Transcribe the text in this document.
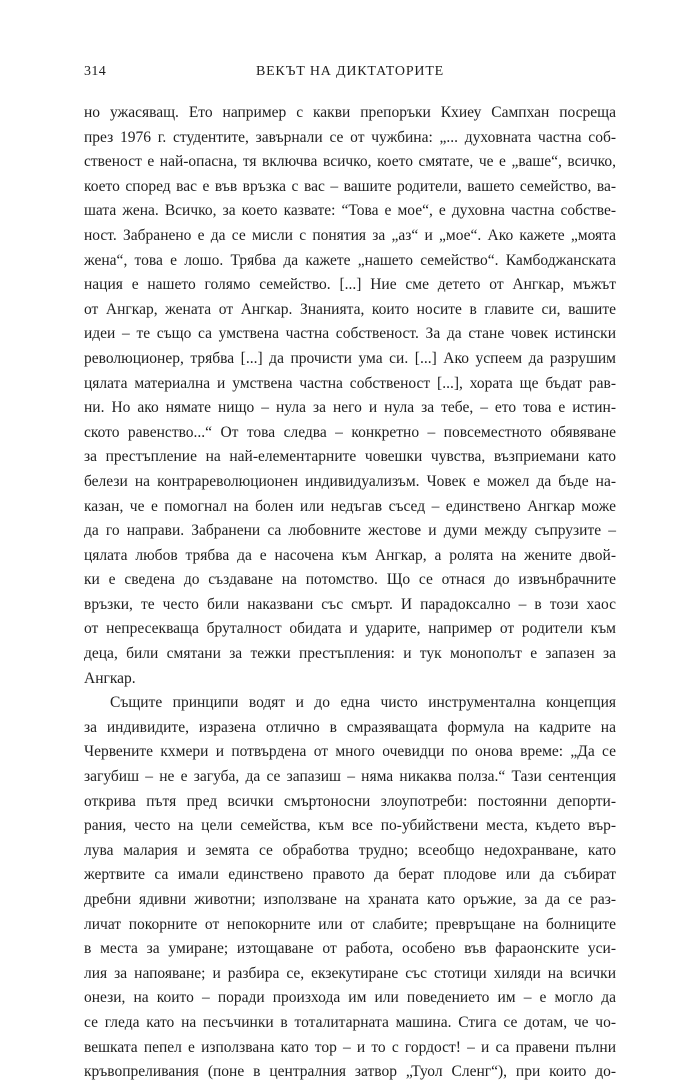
314	ВЕКЪТ НА ДИКТАТОРИТЕ
но ужасяващ. Ето например с какви препоръки Кхиеу Сампхан посреща
през 1976 г. студентите, завърнали се от чужбина: „... духовната частна соб-
ственост е най-опасна, тя включва всичко, което смятате, че е „ваше“, всичко,
което според вас е във връзка с вас – вашите родители, вашето семейство, ва-
шата жена. Всичко, за което казвате: “Това е мое“, е духовна частна собстве-
ност. Забранено е да се мисли с понятия за „аз“ и „мое“. Ако кажете „моята
жена“, това е лошо. Трябва да кажете „нашето семейство“. Камбоджанската
нация е нашето голямо семейство. [...] Ние сме детето от Ангкар, мъжът
от Ангкар, жената от Ангкар. Знанията, които носите в главите си, вашите
идеи – те също са умствена частна собственост. За да стане човек истински
революционер, трябва [...] да прочисти ума си. [...] Ако успеем да разрушим
цялата материална и умствена частна собственост [...], хората ще бъдат рав-
ни. Но ако нямате нищо – нула за него и нула за тебе, – ето това е истин-
ското равенство...“ От това следва – конкретно – повсеместното обявяване
за престъпление на най-елементарните човешки чувства, възприемани като
белези на контрареволюционен индивидуализъм. Човек е можел да бъде на-
казан, че е помогнал на болен или недъгав съсед – единствено Ангкар може
да го направи. Забранени са любовните жестове и думи между съпрузите –
цялата любов трябва да е насочена към Ангкар, а ролята на жените двой-
ки е сведена до създаване на потомство. Що се отнася до извънбрачните
връзки, те често били наказвани със смърт. И парадоксално – в този хаос
от непресекваща бруталност обидата и ударите, например от родители към
деца, били смятани за тежки престъпления: и тук монополът е запазен за
Ангкар.
Същите принципи водят и до една чисто инструментална концепция
за индивидите, изразена отлично в смразяващата формула на кадрите на
Червените кхмери и потвърдена от много очевидци по онова време: „Да се
загубиш – не е загуба, да се запазиш – няма никаква полза.“ Тази сентенция
открива пътя пред всички смъртоносни злоупотреби: постоянни депорти-
рания, често на цели семейства, към все по-убийствени места, където вър-
лува малария и земята се обработва трудно; всеобщо недохранване, като
жертвите са имали единствено правото да берат плодове или да събират
дребни ядивни животни; използване на храната като оръжие, за да се раз-
личат покорните от непокорните или от слабите; превръщане на болниците
в места за умиране; изтощаване от работа, особено във фараонските уси-
лия за напояване; и разбира се, екзекутиране със стотици хиляди на всички
онези, на които – поради произхода им или поведението им – е могло да
се гледа като на песъчинки в тоталитарната машина. Стига се дотам, че чо-
вешката пепел е използвана като тор – и то с гордост! – и са правени пълни
кръвопреливания (поне в централния затвор „Туол Сленг“), при които до-
